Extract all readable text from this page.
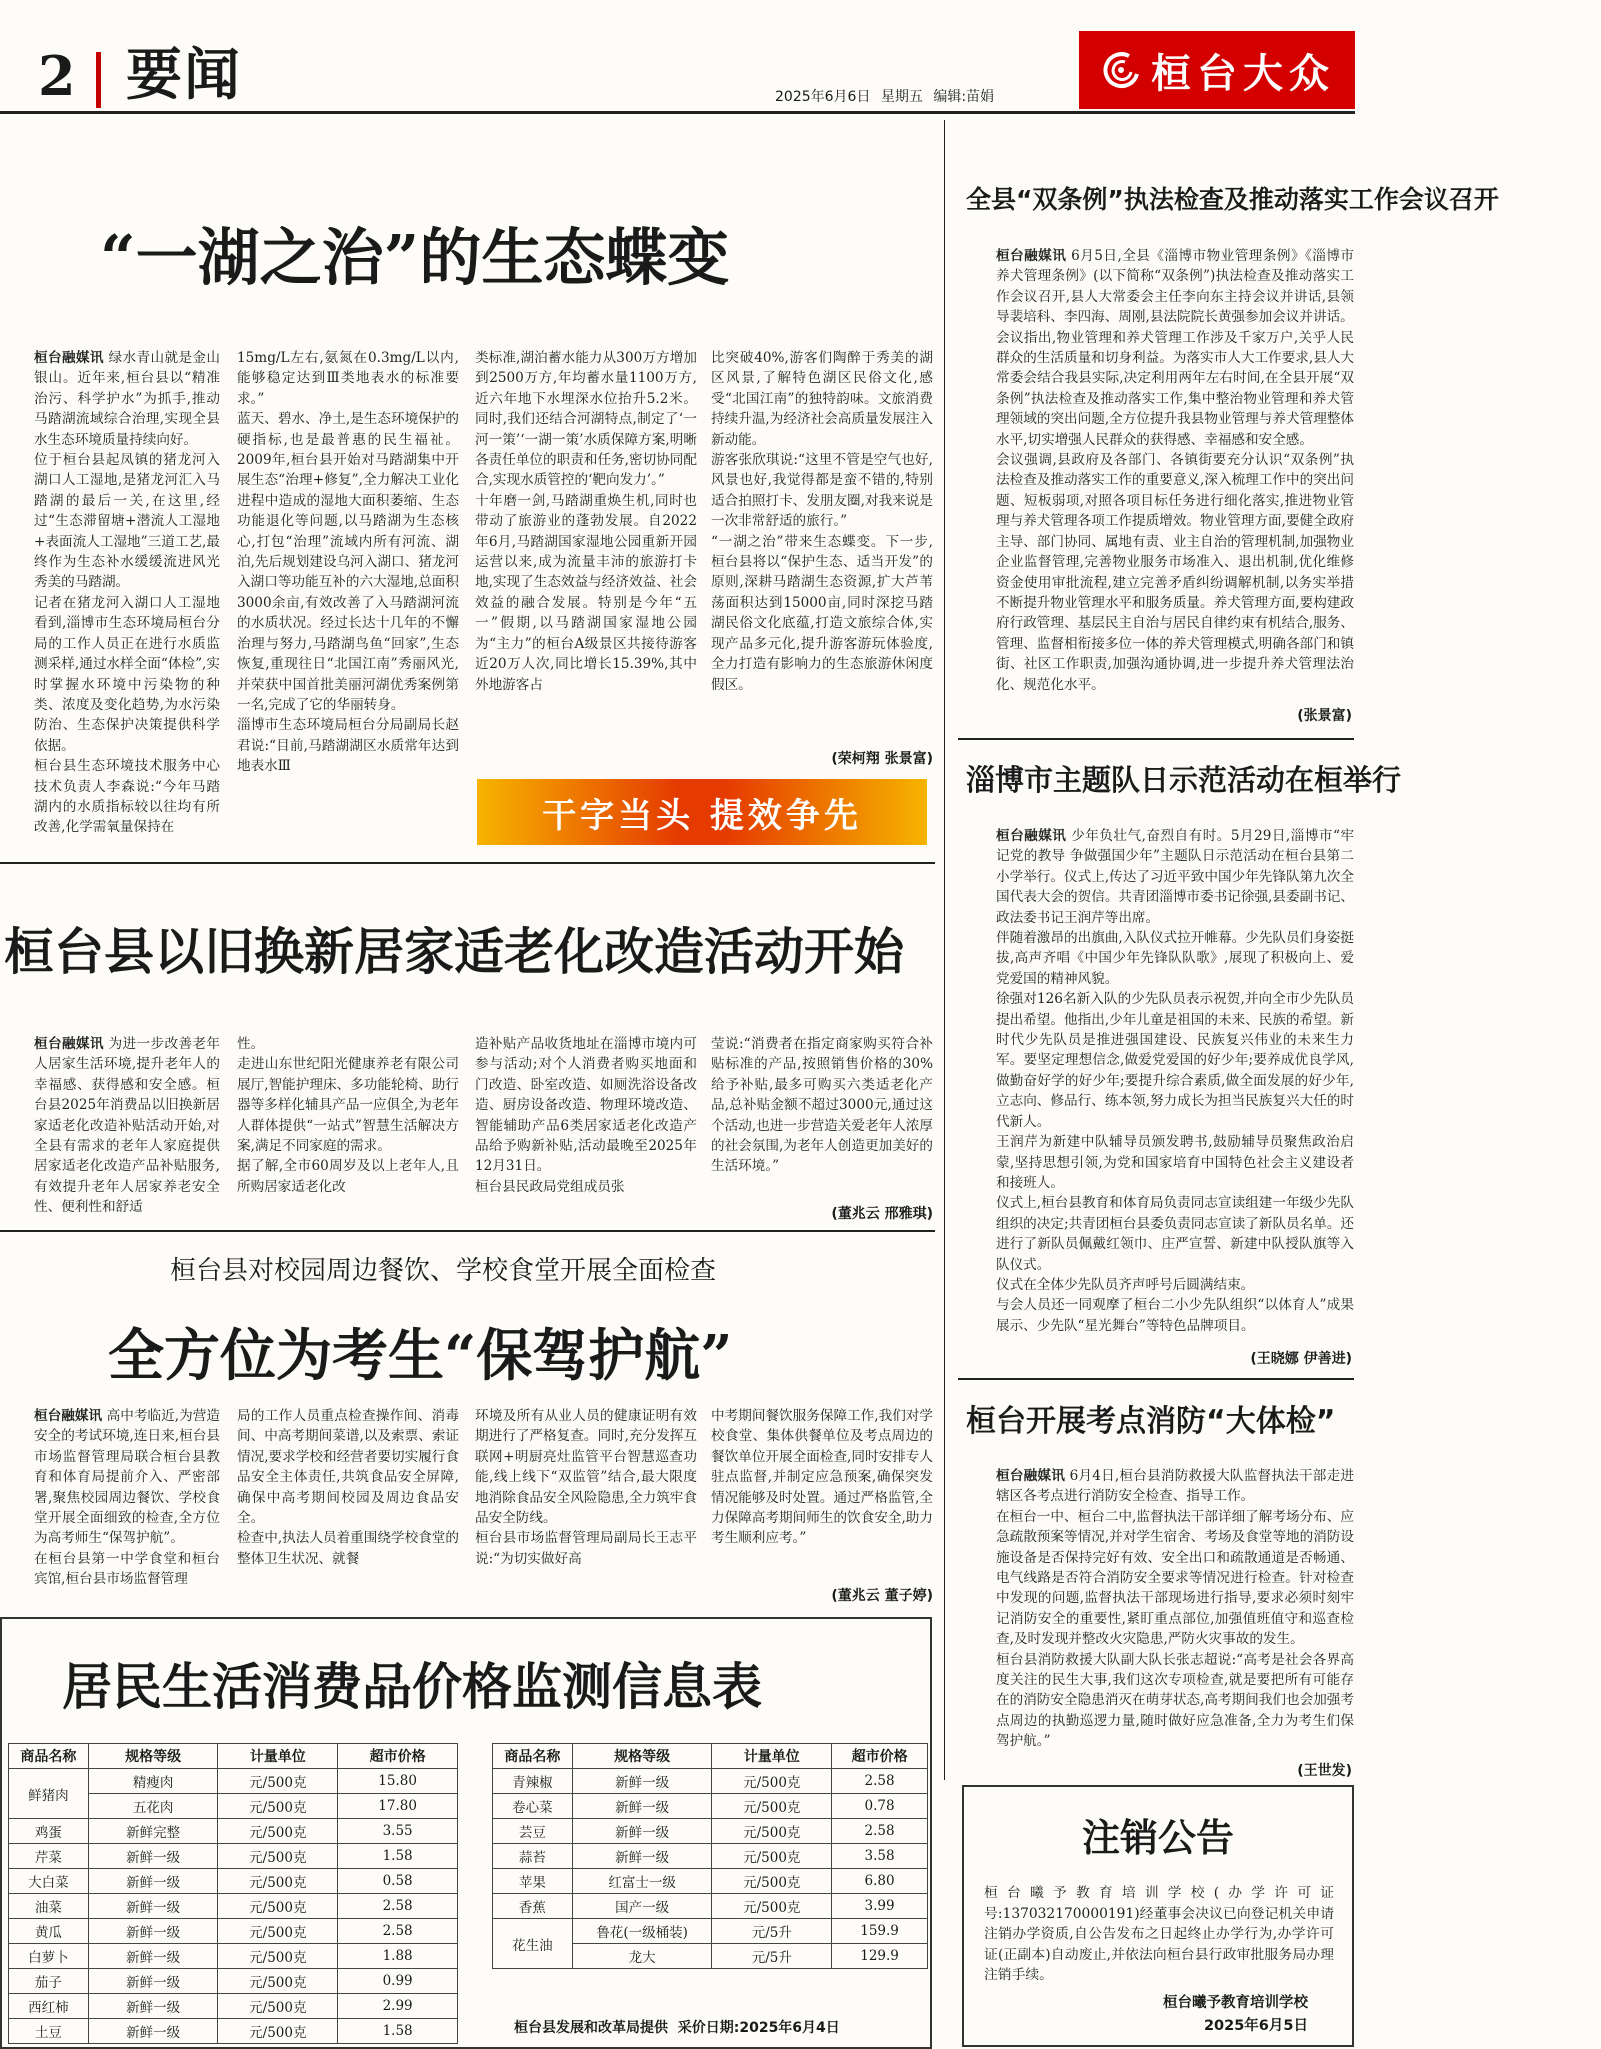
2 要闻	2025年6月6日 星期五 编辑:苗娟
桓台大众
“一湖之治”的生态蝶变
桓台融媒讯 绿水青山就是金山银山。近年来,桓台县以“精准治污、科学护水”为抓手,推动马踏湖流域综合治理,实现全县水生态环境质量持续向好。
位于桓台县起凤镇的猪龙河入湖口人工湿地,是猪龙河汇入马踏湖的最后一关,在这里,经过“生态滞留塘+潜流人工湿地+表面流人工湿地”三道工艺,最终作为生态补水缓缓流进风光秀美的马踏湖。
记者在猪龙河入湖口人工湿地看到,淄博市生态环境局桓台分局的工作人员正在进行水质监测采样,通过水样全面“体检”,实时掌握水环境中污染物的种类、浓度及变化趋势,为水污染防治、生态保护决策提供科学依据。
桓台县生态环境技术服务中心技术负责人李森说:“今年马踏湖内的水质指标较以往均有所改善,化学需氧量保持在
15mg/L左右,氨氮在0.3mg/L以内,能够稳定达到Ⅲ类地表水的标准要求。”
蓝天、碧水、净土,是生态环境保护的硬指标,也是最普惠的民生福祉。2009年,桓台县开始对马踏湖集中开展生态“治理+修复”,全力解决工业化进程中造成的湿地大面积萎缩、生态功能退化等问题,以马踏湖为生态核心,打包“治理”流域内所有河流、湖泊,先后规划建设乌河入湖口、猪龙河入湖口等功能互补的六大湿地,总面积3000余亩,有效改善了入马踏湖河流的水质状况。经过长达十几年的不懈治理与努力,马踏湖鸟鱼“回家”,生态恢复,重现往日“北国江南”秀丽风光,并荣获中国首批美丽河湖优秀案例第一名,完成了它的华丽转身。
淄博市生态环境局桓台分局副局长赵君说:“目前,马踏湖湖区水质常年达到地表水Ⅲ
类标准,湖泊蓄水能力从300万方增加到2500万方,年均蓄水量1100万方,近六年地下水埋深水位抬升5.2米。同时,我们还结合河湖特点,制定了‘一河一策’‘一湖一策’水质保障方案,明晰各责任单位的职责和任务,密切协同配合,实现水质管控的‘靶向发力’。”
十年磨一剑,马踏湖重焕生机,同时也带动了旅游业的蓬勃发展。自2022年6月,马踏湖国家湿地公园重新开园运营以来,成为流量丰沛的旅游打卡地,实现了生态效益与经济效益、社会效益的融合发展。特别是今年“五一”假期,以马踏湖国家湿地公园为“主力”的桓台A级景区共接待游客近20万人次,同比增长15.39%,其中外地游客占
比突破40%,游客们陶醉于秀美的湖区风景,了解特色湖区民俗文化,感受“北国江南”的独特韵味。文旅消费持续升温,为经济社会高质量发展注入新动能。
游客张欣琪说:“这里不管是空气也好,风景也好,我觉得都是蛮不错的,特别适合拍照打卡、发朋友圈,对我来说是一次非常舒适的旅行。”
“一湖之治”带来生态蝶变。下一步,桓台县将以“保护生态、适当开发”的原则,深耕马踏湖生态资源,扩大芦苇荡面积达到15000亩,同时深挖马踏湖民俗文化底蕴,打造文旅综合体,实现产品多元化,提升游客游玩体验度,全力打造有影响力的生态旅游休闲度假区。
(荣柯翔 张景富)
干字当头 提效争先
桓台县以旧换新居家适老化改造活动开始
桓台融媒讯 为进一步改善老年人居家生活环境,提升老年人的幸福感、获得感和安全感。桓台县2025年消费品以旧换新居家适老化改造补贴活动开始,对全县有需求的老年人家庭提供居家适老化改造产品补贴服务,有效提升老年人居家养老安全性、便利性和舒适
性。
走进山东世纪阳光健康养老有限公司展厅,智能护理床、多功能轮椅、助行器等多样化辅具产品一应俱全,为老年人群体提供“一站式”智慧生活解决方案,满足不同家庭的需求。
据了解,全市60周岁及以上老年人,且所购居家适老化改
造补贴产品收货地址在淄博市境内可参与活动;对个人消费者购买地面和门改造、卧室改造、如厕洗浴设备改造、厨房设备改造、物理环境改造、智能辅助产品6类居家适老化改造产品给予购新补贴,活动最晚至2025年12月31日。
桓台县民政局党组成员张
莹说:“消费者在指定商家购买符合补贴标准的产品,按照销售价格的30%给予补贴,最多可购买六类适老化产品,总补贴金额不超过3000元,通过这个活动,也进一步营造关爱老年人浓厚的社会氛围,为老年人创造更加美好的生活环境。”
(董兆云 邢雅琪)
桓台县对校园周边餐饮、学校食堂开展全面检查
全方位为考生“保驾护航”
桓台融媒讯 高中考临近,为营造安全的考试环境,连日来,桓台县市场监督管理局联合桓台县教育和体育局提前介入、严密部署,聚焦校园周边餐饮、学校食堂开展全面细致的检查,全方位为高考师生“保驾护航”。
在桓台县第一中学食堂和桓台宾馆,桓台县市场监督管理
局的工作人员重点检查操作间、消毒间、中高考期间菜谱,以及索票、索证情况,要求学校和经营者要切实履行食品安全主体责任,共筑食品安全屏障,确保中高考期间校园及周边食品安全。
检查中,执法人员着重围绕学校食堂的整体卫生状况、就餐
环境及所有从业人员的健康证明有效期进行了严格复查。同时,充分发挥互联网+明厨亮灶监管平台智慧巡查功能,线上线下“双监管”结合,最大限度地消除食品安全风险隐患,全力筑牢食品安全防线。
桓台县市场监督管理局副局长王志平说:“为切实做好高
中考期间餐饮服务保障工作,我们对学校食堂、集体供餐单位及考点周边的餐饮单位开展全面检查,同时安排专人驻点监督,并制定应急预案,确保突发情况能够及时处置。通过严格监管,全力保障高考期间师生的饮食安全,助力考生顺利应考。”
(董兆云 董子婷)
居民生活消费品价格监测信息表
商品名称	规格等级	计量单位	超市价格
鲜猪肉	精瘦肉	元/500克	15.80
	五花肉	元/500克	17.80
鸡蛋	新鲜完整	元/500克	3.55
芹菜	新鲜一级	元/500克	1.58
大白菜	新鲜一级	元/500克	0.58
油菜	新鲜一级	元/500克	2.58
黄瓜	新鲜一级	元/500克	2.58
白萝卜	新鲜一级	元/500克	1.88
茄子	新鲜一级	元/500克	0.99
西红柿	新鲜一级	元/500克	2.99
土豆	新鲜一级	元/500克	1.58
商品名称	规格等级	计量单位	超市价格
青辣椒	新鲜一级	元/500克	2.58
卷心菜	新鲜一级	元/500克	0.78
芸豆	新鲜一级	元/500克	2.58
蒜苔	新鲜一级	元/500克	3.58
苹果	红富士一级	元/500克	6.80
香蕉	国产一级	元/500克	3.99
花生油	鲁花(一级桶装)	元/5升	159.9
	龙大	元/5升	129.9
桓台县发展和改革局提供  采价日期:2025年6月4日
全县“双条例”执法检查及推动落实工作会议召开
桓台融媒讯 6月5日,全县《淄博市物业管理条例》《淄博市养犬管理条例》(以下简称“双条例”)执法检查及推动落实工作会议召开,县人大常委会主任李向东主持会议并讲话,县领导裴培科、李四海、周刚,县法院院长黄强参加会议并讲话。
会议指出,物业管理和养犬管理工作涉及千家万户,关乎人民群众的生活质量和切身利益。为落实市人大工作要求,县人大常委会结合我县实际,决定利用两年左右时间,在全县开展“双条例”执法检查及推动落实工作,集中整治物业管理和养犬管理领域的突出问题,全方位提升我县物业管理与养犬管理整体水平,切实增强人民群众的获得感、幸福感和安全感。
会议强调,县政府及各部门、各镇街要充分认识“双条例”执法检查及推动落实工作的重要意义,深入梳理工作中的突出问题、短板弱项,对照各项目标任务进行细化落实,推进物业管理与养犬管理各项工作提质增效。物业管理方面,要健全政府主导、部门协同、属地有责、业主自治的管理机制,加强物业企业监督管理,完善物业服务市场准入、退出机制,优化维修资金使用审批流程,建立完善矛盾纠纷调解机制,以务实举措不断提升物业管理水平和服务质量。养犬管理方面,要构建政府行政管理、基层民主自治与居民自律约束有机结合,服务、管理、监督相衔接多位一体的养犬管理模式,明确各部门和镇街、社区工作职责,加强沟通协调,进一步提升养犬管理法治化、规范化水平。
(张景富)
淄博市主题队日示范活动在桓举行
桓台融媒讯 少年负壮气,奋烈自有时。5月29日,淄博市“牢记党的教导 争做强国少年”主题队日示范活动在桓台县第二小学举行。仪式上,传达了习近平致中国少年先锋队第九次全国代表大会的贺信。共青团淄博市委书记徐强,县委副书记、政法委书记王润芹等出席。
伴随着激昂的出旗曲,入队仪式拉开帷幕。少先队员们身姿挺拔,高声齐唱《中国少年先锋队队歌》,展现了积极向上、爱党爱国的精神风貌。
徐强对126名新入队的少先队员表示祝贺,并向全市少先队员提出希望。他指出,少年儿童是祖国的未来、民族的希望。新时代少先队员是推进强国建设、民族复兴伟业的未来生力军。要坚定理想信念,做爱党爱国的好少年;要养成优良学风,做勤奋好学的好少年;要提升综合素质,做全面发展的好少年,立志向、修品行、练本领,努力成长为担当民族复兴大任的时代新人。
王润芹为新建中队辅导员颁发聘书,鼓励辅导员聚焦政治启蒙,坚持思想引领,为党和国家培育中国特色社会主义建设者和接班人。
仪式上,桓台县教育和体育局负责同志宣读组建一年级少先队组织的决定;共青团桓台县委负责同志宣读了新队员名单。还进行了新队员佩戴红领巾、庄严宣誓、新建中队授队旗等入队仪式。
仪式在全体少先队员齐声呼号后圆满结束。
与会人员还一同观摩了桓台二小少先队组织“以体育人”成果展示、少先队“星光舞台”等特色品牌项目。
(王晓娜 伊善进)
桓台开展考点消防“大体检”
桓台融媒讯 6月4日,桓台县消防救援大队监督执法干部走进辖区各考点进行消防安全检查、指导工作。
在桓台一中、桓台二中,监督执法干部详细了解考场分布、应急疏散预案等情况,并对学生宿舍、考场及食堂等地的消防设施设备是否保持完好有效、安全出口和疏散通道是否畅通、电气线路是否符合消防安全要求等情况进行检查。针对检查中发现的问题,监督执法干部现场进行指导,要求必须时刻牢记消防安全的重要性,紧盯重点部位,加强值班值守和巡查检查,及时发现并整改火灾隐患,严防火灾事故的发生。
桓台县消防救援大队副大队长张志超说:“高考是社会各界高度关注的民生大事,我们这次专项检查,就是要把所有可能存在的消防安全隐患消灭在萌芽状态,高考期间我们也会加强考点周边的执勤巡逻力量,随时做好应急准备,全力为考生们保驾护航。”
(王世发)
注销公告
桓台曦予教育培训学校(办学许可证号:137032170000191)经董事会决议已向登记机关申请注销办学资质,自公告发布之日起终止办学行为,办学许可证(正副本)自动废止,并依法向桓台县行政审批服务局办理注销手续。
桓台曦予教育培训学校
2025年6月5日
